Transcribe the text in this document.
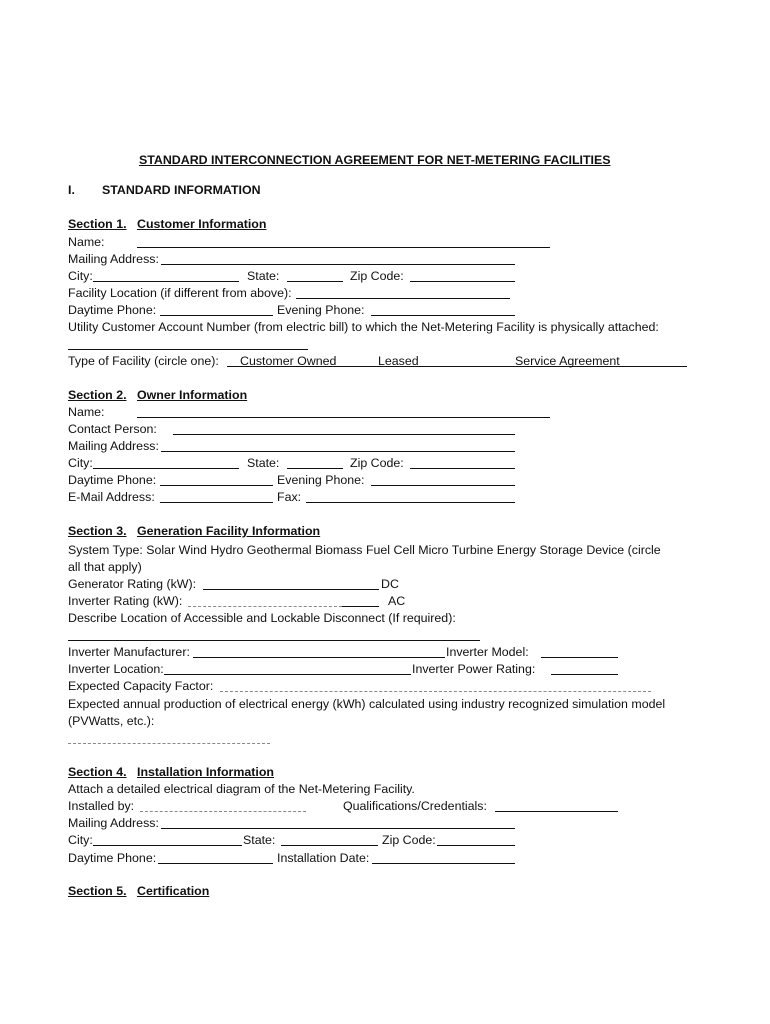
STANDARD INTERCONNECTION AGREEMENT FOR NET-METERING FACILITIES
I. STANDARD INFORMATION
Section 1. Customer Information
Name:
Mailing Address:
City:	State:	Zip Code:
Facility Location (if different from above):
Daytime Phone:	Evening Phone:
Utility Customer Account Number (from electric bill) to which the Net-Metering Facility is physically attached:
Type of Facility (circle one): Customer Owned	Leased	Service Agreement
Section 2. Owner Information
Name:
Contact Person:
Mailing Address:
City:	State:	Zip Code:
Daytime Phone:	Evening Phone:
E-Mail Address:	Fax:
Section 3. Generation Facility Information
System Type: Solar Wind Hydro Geothermal Biomass Fuel Cell Micro Turbine Energy Storage Device (circle
all that apply)
Generator Rating (kW):	DC
Inverter Rating (kW):	AC
Describe Location of Accessible and Lockable Disconnect (If required):
Inverter Manufacturer:	Inverter Model:
Inverter Location:	Inverter Power Rating:
Expected Capacity Factor:
Expected annual production of electrical energy (kWh) calculated using industry recognized simulation model
(PVWatts, etc.):
Section 4. Installation Information
Attach a detailed electrical diagram of the Net-Metering Facility.
Installed by:	Qualifications/Credentials:
Mailing Address:
City:	State:	Zip Code:
Daytime Phone:	Installation Date:
Section 5. Certification
